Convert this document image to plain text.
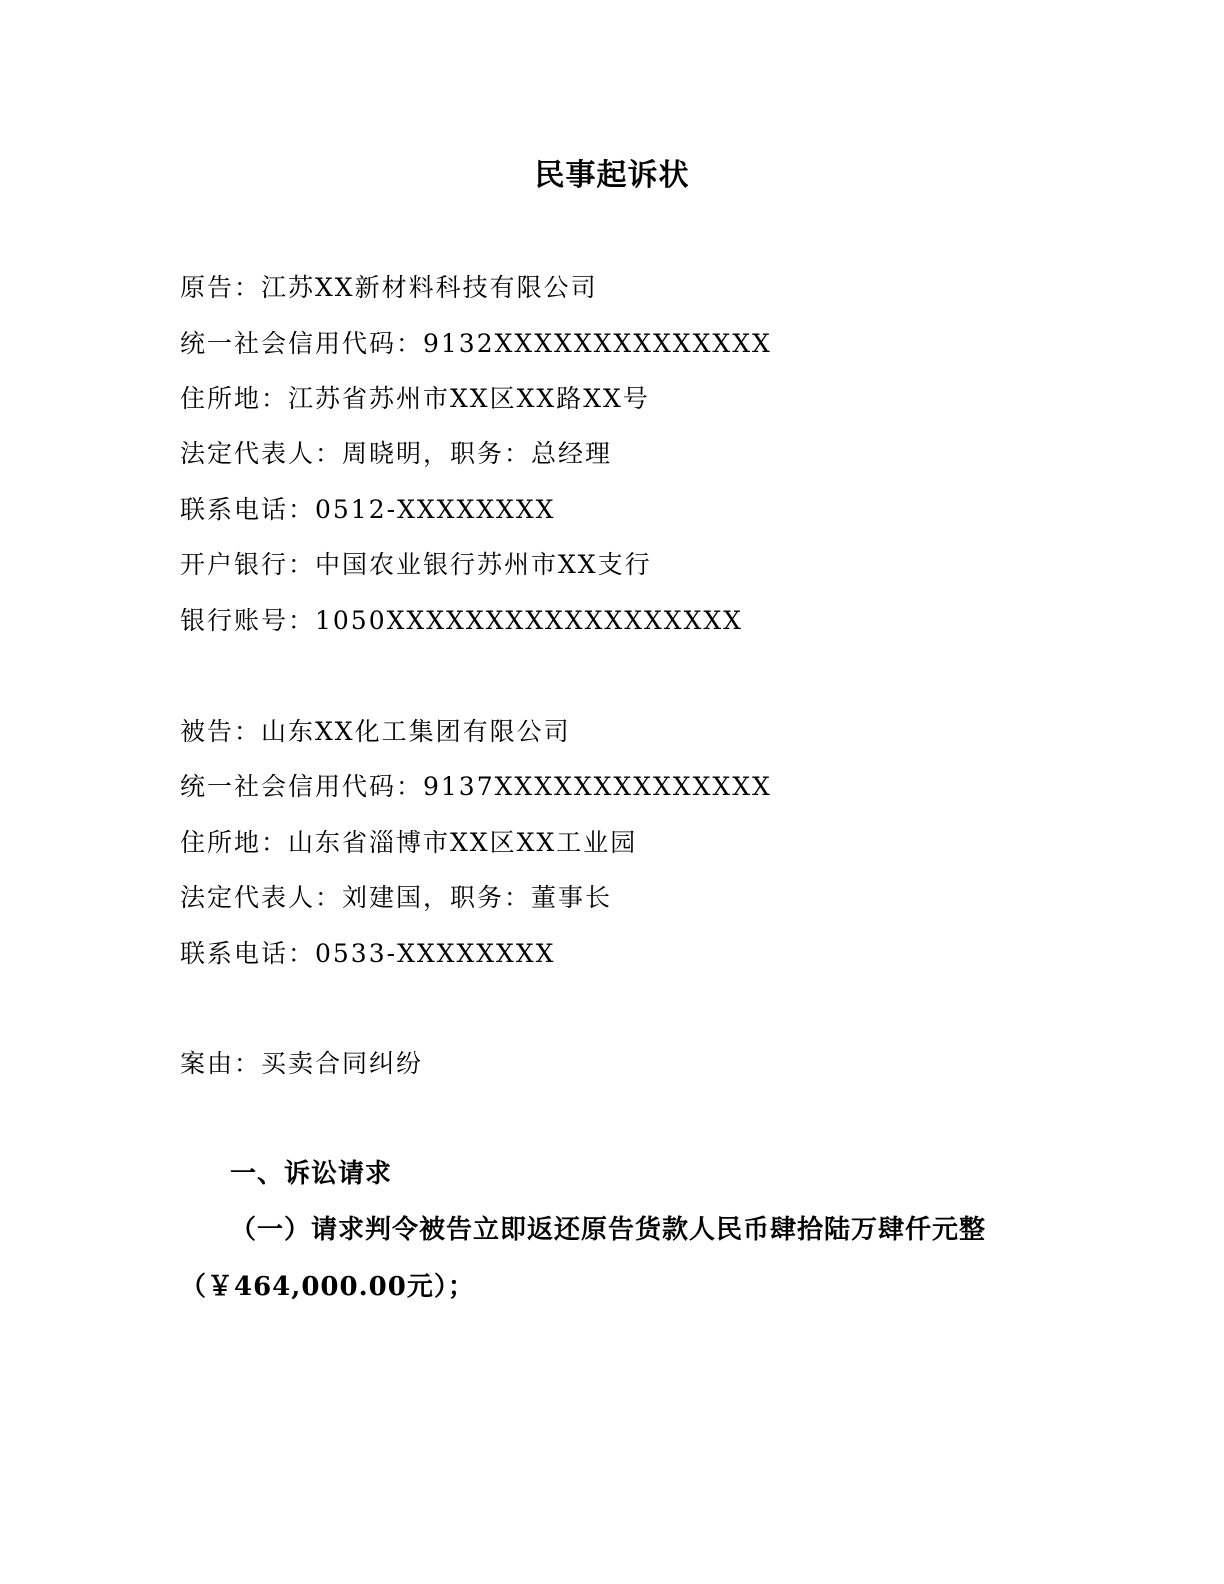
民事起诉状
原告：江苏XX新材料科技有限公司
统一社会信用代码：9132XXXXXXXXXXXXXX
住所地：江苏省苏州市XX区XX路XX号
法定代表人：周晓明，职务：总经理
联系电话：0512-XXXXXXXX
开户银行：中国农业银行苏州市XX支行
银行账号：1050XXXXXXXXXXXXXXXXXX
被告：山东XX化工集团有限公司
统一社会信用代码：9137XXXXXXXXXXXXXX
住所地：山东省淄博市XX区XX工业园
法定代表人：刘建国，职务：董事长
联系电话：0533-XXXXXXXX
案由：买卖合同纠纷
一、诉讼请求
（一）请求判令被告立即返还原告货款人民币肆拾陆万肆仟元整（￥464,000.00元）；
